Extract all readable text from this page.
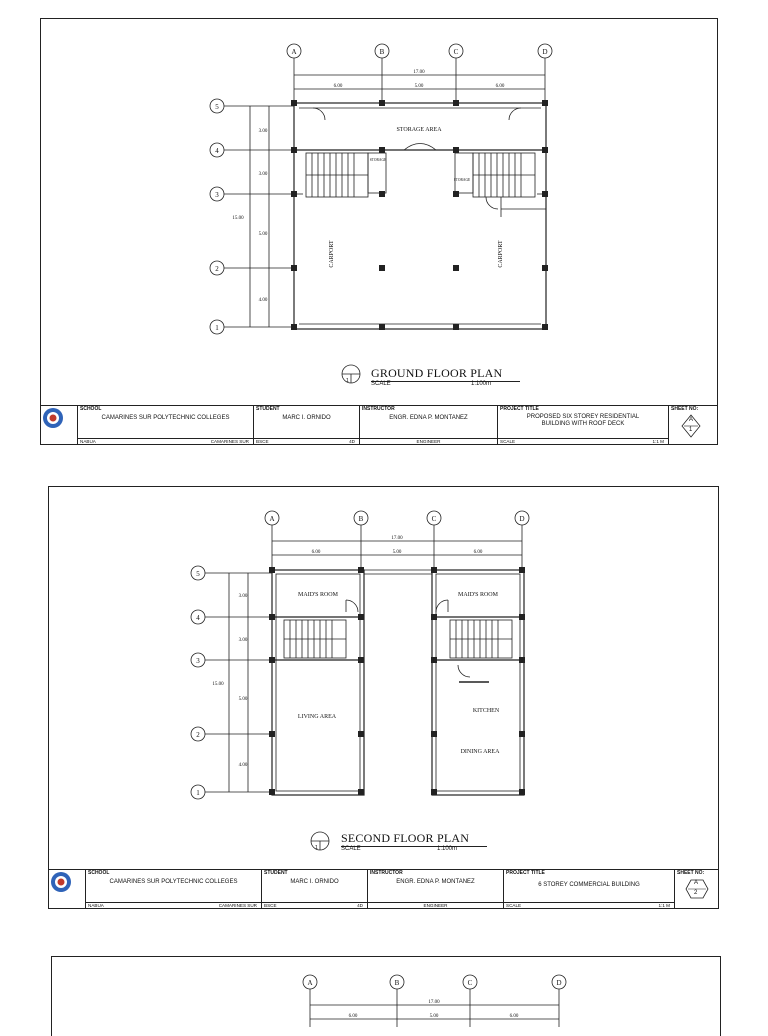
A	B	C	D
5
4
3
2
1
17.00
6.00	5.00	6.00
3.00
3.00
5.00
4.00
15.00
STORAGE AREA
CARPORT	CARPORT
STORAGE
STORAGE
1
GROUND FLOOR PLAN
SCALE	1:100m
SCHOOL
CAMARINES SUR POLYTECHNIC COLLEGES
NABUA	CAMARINES SUR
STUDENT
MARC I. ORNIDO
BSCE	4D
INSTRUCTOR
ENGR. EDNA P. MONTANEZ
ENGINEER
PROJECT TITLE
PROPOSED SIX STOREY RESIDENTIAL BUILDING WITH ROOF DECK
SCALE	1:1 M
SHEET NO:
A
1
A	B	C	D
5
4
3
2
1
17.00
6.00	5.00	6.00
3.00
3.00
5.00
4.00
15.00
MAID'S ROOM	MAID'S ROOM
LIVING AREA
KITCHEN
DINING AREA
1
SECOND FLOOR PLAN
SCALE	1:100m
SCHOOL
CAMARINES SUR POLYTECHNIC COLLEGES
NABUA	CAMARINES SUR
STUDENT
MARC I. ORNIDO
BSCE	4D
INSTRUCTOR
ENGR. EDNA P. MONTANEZ
ENGINEER
PROJECT TITLE
6 STOREY COMMERCIAL BUILDING
SCALE	1:1 M
SHEET NO:
A
2
A	B	C	D
17.00
6.00	5.00	6.00
